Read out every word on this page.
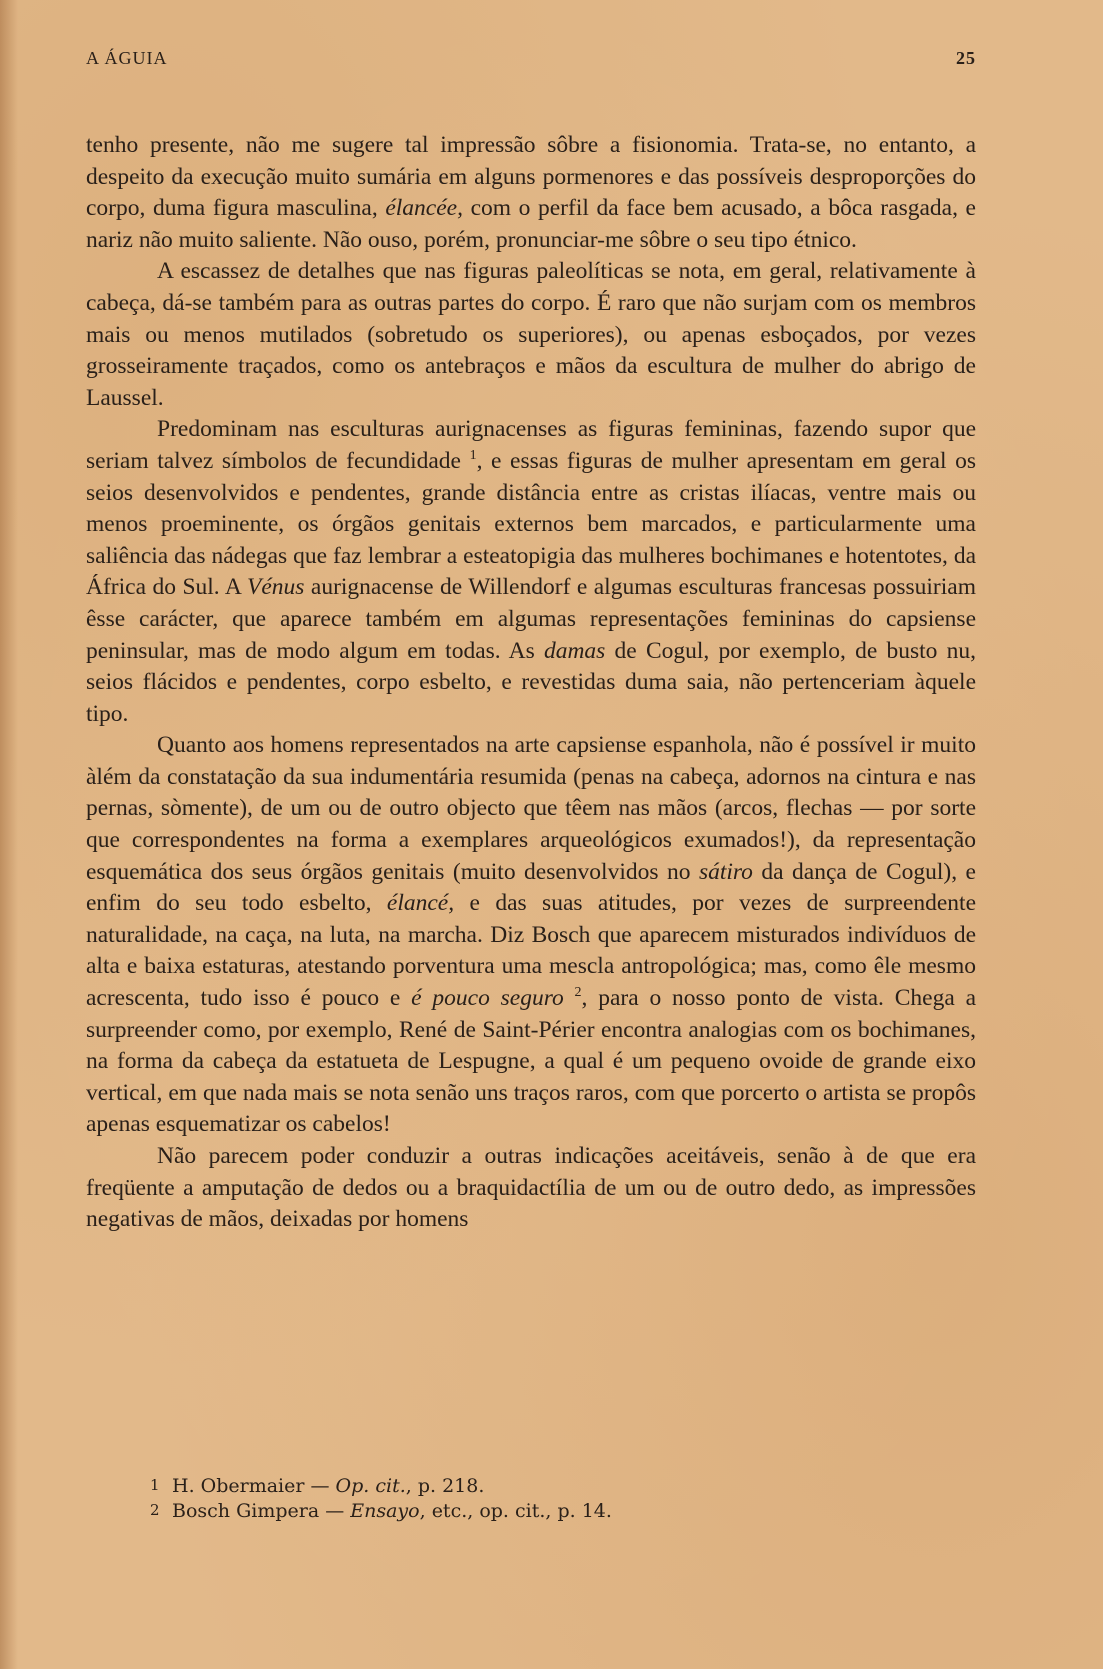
A ÁGUIA	25

tenho presente, não me sugere tal impressão sôbre a fisionomia. Trata-se, no entanto, a despeito da execução muito sumária em alguns pormenores e das possíveis desproporções do corpo, duma figura masculina, élancée, com o perfil da face bem acusado, a bôca rasgada, e nariz não muito saliente. Não ouso, porém, pronunciar-me sôbre o seu tipo étnico.

A escassez de detalhes que nas figuras paleolíticas se nota, em geral, relativamente à cabeça, dá-se também para as outras partes do corpo. É raro que não surjam com os membros mais ou menos mutilados (sobretudo os superiores), ou apenas esboçados, por vezes grosseiramente traçados, como os antebraços e mãos da escultura de mulher do abrigo de Laussel.

Predominam nas esculturas aurignacenses as figuras femininas, fazendo supor que seriam talvez símbolos de fecundidade $^1$, e essas figuras de mulher apresentam em geral os seios desenvolvidos e pendentes, grande distância entre as cristas ilíacas, ventre mais ou menos proeminente, os órgãos genitais externos bem marcados, e particularmente uma saliência das nádegas que faz lembrar a esteatopigia das mulheres bochimanes e hotentotes, da África do Sul. A Vénus aurignacense de Willendorf e algumas esculturas francesas possuiriam êsse carácter, que aparece também em algumas representações femininas do capsiense peninsular, mas de modo algum em todas. As damas de Cogul, por exemplo, de busto nu, seios flácidos e pendentes, corpo esbelto, e revestidas duma saia, não pertenceriam àquele tipo.

Quanto aos homens representados na arte capsiense espanhola, não é possível ir muito àlém da constatação da sua indumentária resumida (penas na cabeça, adornos na cintura e nas pernas, sòmente), de um ou de outro objecto que têem nas mãos (arcos, flechas — por sorte que correspondentes na forma a exemplares arqueológicos exumados!), da representação esquemática dos seus órgãos genitais (muito desenvolvidos no sátiro da dança de Cogul), e enfim do seu todo esbelto, élancé, e das suas atitudes, por vezes de surpreendente naturalidade, na caça, na luta, na marcha. Diz Bosch que aparecem misturados indivíduos de alta e baixa estaturas, atestando porventura uma mescla antropológica; mas, como êle mesmo acrescenta, tudo isso é pouco e é pouco seguro $^2$, para o nosso ponto de vista. Chega a surpreender como, por exemplo, René de Saint-Périer encontra analogias com os bochimanes, na forma da cabeça da estatueta de Lespugne, a qual é um pequeno ovoide de grande eixo vertical, em que nada mais se nota senão uns traços raros, com que porcerto o artista se propôs apenas esquematizar os cabelos!

Não parecem poder conduzir a outras indicações aceitáveis, senão à de que era freqüente a amputação de dedos ou a braquidactília de um ou de outro dedo, as impressões negativas de mãos, deixadas por homens

1 H. Obermaier — Op. cit., p. 218.
2 Bosch Gimpera — Ensayo, etc., op. cit., p. 14.
